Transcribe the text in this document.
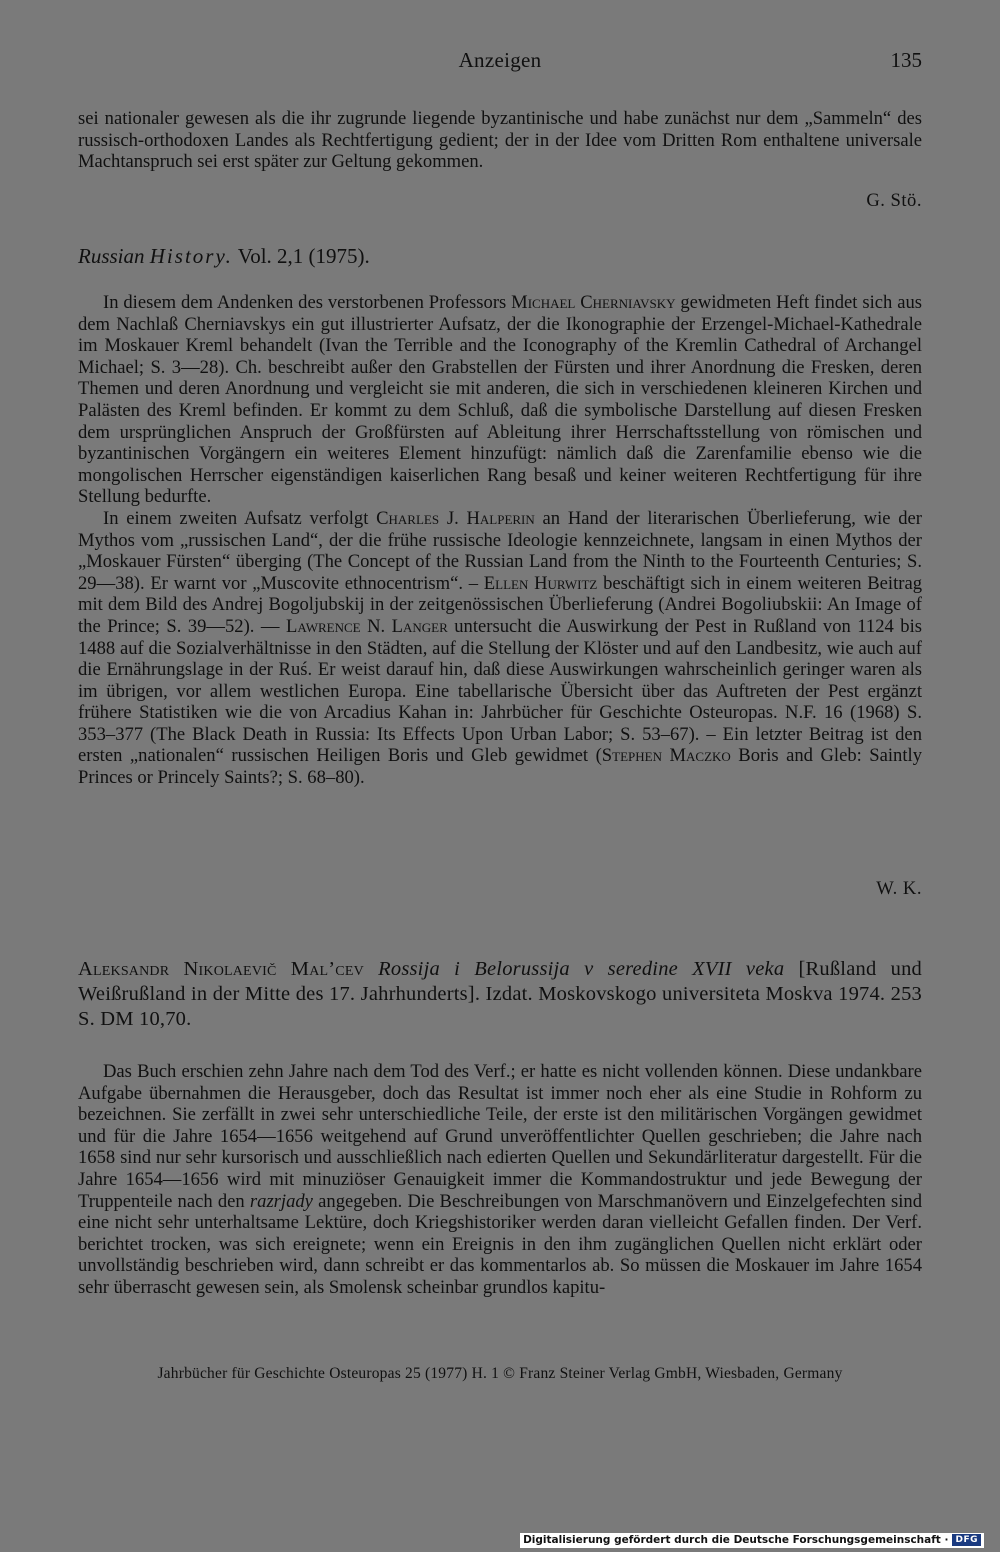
Anzeigen	135

sei nationaler gewesen als die ihr zugrunde liegende byzantinische und habe zunächst nur dem „Sammeln“ des russisch-orthodoxen Landes als Rechtfertigung gedient; der in der Idee vom Dritten Rom enthaltene universale Machtanspruch sei erst später zur Geltung gekommen.

G. Stö.
Russian History. Vol. 2,1 (1975).

In diesem dem Andenken des verstorbenen Professors Michael Cherniavsky gewidmeten Heft findet sich aus dem Nachlaß Cherniavskys ein gut illustrierter Aufsatz, der die Ikonographie der Erzengel-Michael-Kathedrale im Moskauer Kreml behandelt (Ivan the Terrible and the Iconography of the Kremlin Cathedral of Archangel Michael; S. 3—28). Ch. beschreibt außer den Grabstellen der Fürsten und ihrer Anordnung die Fresken, deren Themen und deren Anordnung und vergleicht sie mit anderen, die sich in verschiedenen kleineren Kirchen und Palästen des Kreml befinden. Er kommt zu dem Schluß, daß die symbolische Darstellung auf diesen Fresken dem ursprünglichen Anspruch der Großfürsten auf Ableitung ihrer Herrschaftsstellung von römischen und byzantinischen Vorgängern ein weiteres Element hinzufügt: nämlich daß die Zarenfamilie ebenso wie die mongolischen Herrscher eigenständigen kaiserlichen Rang besaß und keiner weiteren Rechtfertigung für ihre Stellung bedurfte.

In einem zweiten Aufsatz verfolgt Charles J. Halperin an Hand der literarischen Überlieferung, wie der Mythos vom „russischen Land“, der die frühe russische Ideologie kennzeichnete, langsam in einen Mythos der „Moskauer Fürsten“ überging (The Concept of the Russian Land from the Ninth to the Fourteenth Centuries; S. 29—38). Er warnt vor „Muscovite ethnocentrism“. – Ellen Hurwitz beschäftigt sich in einem weiteren Beitrag mit dem Bild des Andrej Bogoljubskij in der zeitgenössischen Überlieferung (Andrei Bogoliubskii: An Image of the Prince; S. 39—52). — Lawrence N. Langer untersucht die Auswirkung der Pest in Rußland von 1124 bis 1488 auf die Sozialverhältnisse in den Städten, auf die Stellung der Klöster und auf den Landbesitz, wie auch auf die Ernährungslage in der Ruś. Er weist darauf hin, daß diese Auswirkungen wahrscheinlich geringer waren als im übrigen, vor allem westlichen Europa. Eine tabellarische Übersicht über das Auftreten der Pest ergänzt frühere Statistiken wie die von Arcadius Kahan in: Jahrbücher für Geschichte Osteuropas. N.F. 16 (1968) S. 353–377 (The Black Death in Russia: Its Effects Upon Urban Labor; S. 53–67). – Ein letzter Beitrag ist den ersten „nationalen“ russischen Heiligen Boris und Gleb gewidmet (Stephen Maczko Boris and Gleb: Saintly Princes or Princely Saints?; S. 68–80).

W. K.
Aleksandr Nikolaevič Mal’cev Rossija i Belorussija v seredine XVII veka [Rußland und Weißrußland in der Mitte des 17. Jahrhunderts]. Izdat. Moskovskogo universiteta Moskva 1974. 253 S. DM 10,70.

Das Buch erschien zehn Jahre nach dem Tod des Verf.; er hatte es nicht vollenden können. Diese undankbare Aufgabe übernahmen die Herausgeber, doch das Resultat ist immer noch eher als eine Studie in Rohform zu bezeichnen. Sie zerfällt in zwei sehr unterschiedliche Teile, der erste ist den militärischen Vorgängen gewidmet und für die Jahre 1654—1656 weitgehend auf Grund unveröffentlichter Quellen geschrieben; die Jahre nach 1658 sind nur sehr kursorisch und ausschließlich nach edierten Quellen und Sekundärliteratur dargestellt. Für die Jahre 1654—1656 wird mit minuziöser Genauigkeit immer die Kommandostruktur und jede Bewegung der Truppenteile nach den razrjady angegeben. Die Beschreibungen von Marschmanövern und Einzelgefechten sind eine nicht sehr unterhaltsame Lektüre, doch Kriegshistoriker werden daran vielleicht Gefallen finden. Der Verf. berichtet trocken, was sich ereignete; wenn ein Ereignis in den ihm zugänglichen Quellen nicht erklärt oder unvollständig beschrieben wird, dann schreibt er das kommentarlos ab. So müssen die Moskauer im Jahre 1654 sehr überrascht gewesen sein, als Smolensk scheinbar grundlos kapitu-

Jahrbücher für Geschichte Osteuropas 25 (1977) H. 1 © Franz Steiner Verlag GmbH, Wiesbaden, Germany
Digitalisierung gefördert durch die Deutsche Forschungsgemeinschaft · DFG
